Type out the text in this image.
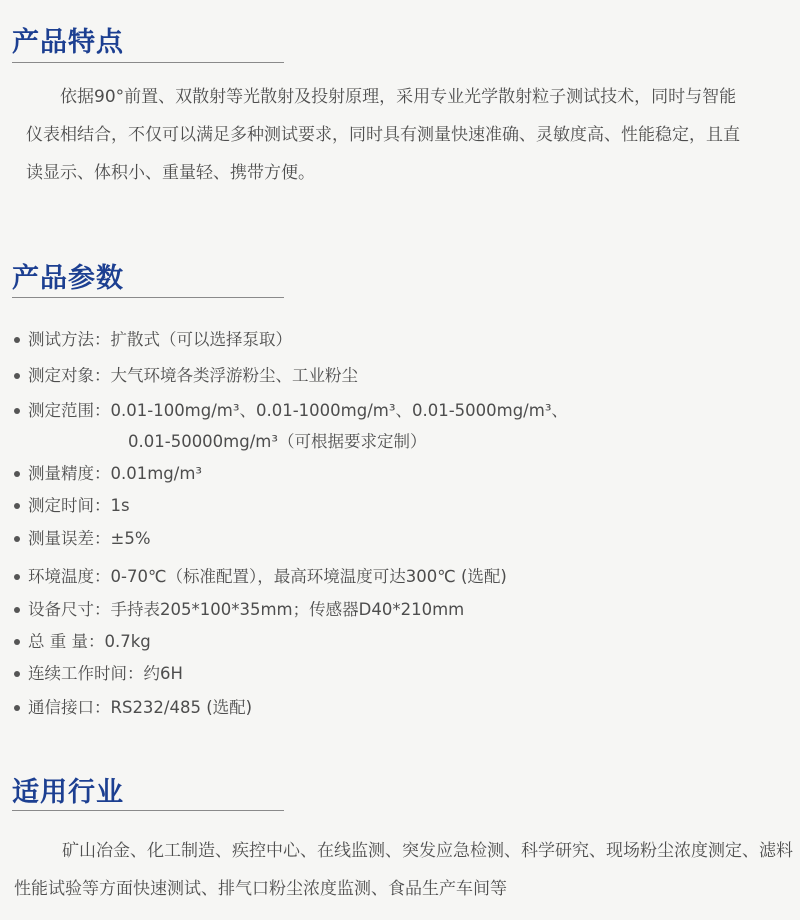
产品特点

依据90°前置、双散射等光散射及投射原理，采用专业光学散射粒子测试技术，同时与智能仪表相结合，不仅可以满足多种测试要求，同时具有测量快速准确、灵敏度高、性能稳定，且直读显示、体积小、重量轻、携带方便。

产品参数
测试方法：扩散式（可以选择泵取）
测定对象：大气环境各类浮游粉尘、工业粉尘
测定范围：0.01-100mg/m³、0.01-1000mg/m³、0.01-5000mg/m³、
0.01-50000mg/m³（可根据要求定制）
测量精度：0.01mg/m³
测定时间：1s
测量误差：±5%
环境温度：0-70℃（标准配置），最高环境温度可达300℃ (选配)
设备尺寸：手持表205*100*35mm；传感器D40*210mm
总 重 量：0.7kg
连续工作时间：约6H
通信接口：RS232/485 (选配)
适用行业

矿山冶金、化工制造、疾控中心、在线监测、突发应急检测、科学研究、现场粉尘浓度测定、滤料性能试验等方面快速测试、排气口粉尘浓度监测、食品生产车间等
